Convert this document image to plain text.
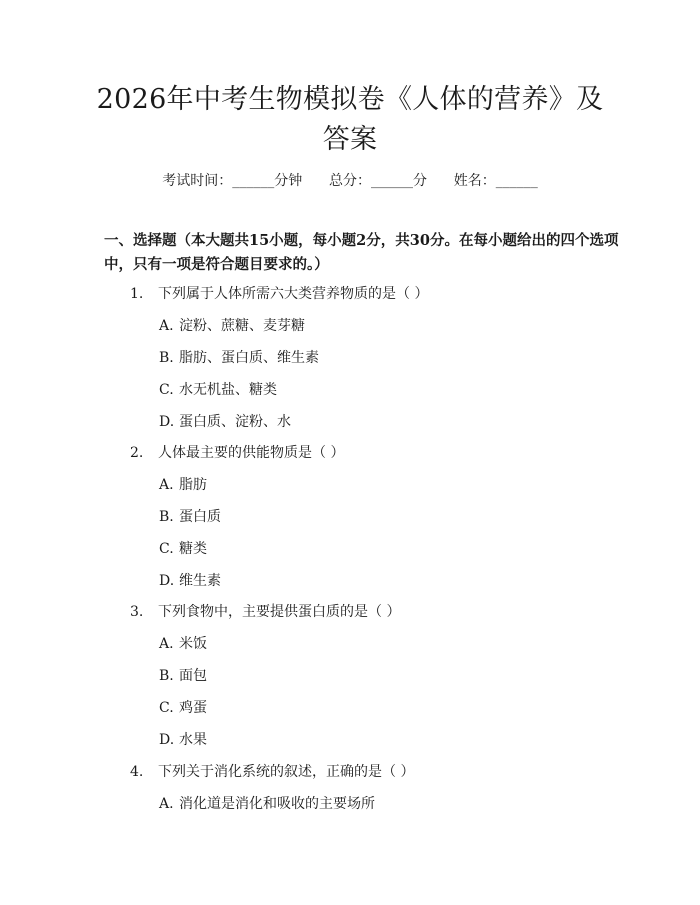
2026年中考生物模拟卷《人体的营养》及答案
考试时间：______分钟 总分：______分 姓名：______
一、选择题（本大题共15小题，每小题2分，共30分。在每小题给出的四个选项中，只有一项是符合题目要求的。）
1. 下列属于人体所需六大类营养物质的是（ ）
A. 淀粉、蔗糖、麦芽糖
B. 脂肪、蛋白质、维生素
C. 水无机盐、糖类
D. 蛋白质、淀粉、水
2. 人体最主要的供能物质是（ ）
A. 脂肪
B. 蛋白质
C. 糖类
D. 维生素
3. 下列食物中，主要提供蛋白质的是（ ）
A. 米饭
B. 面包
C. 鸡蛋
D. 水果
4. 下列关于消化系统的叙述，正确的是（ ）
A. 消化道是消化和吸收的主要场所
